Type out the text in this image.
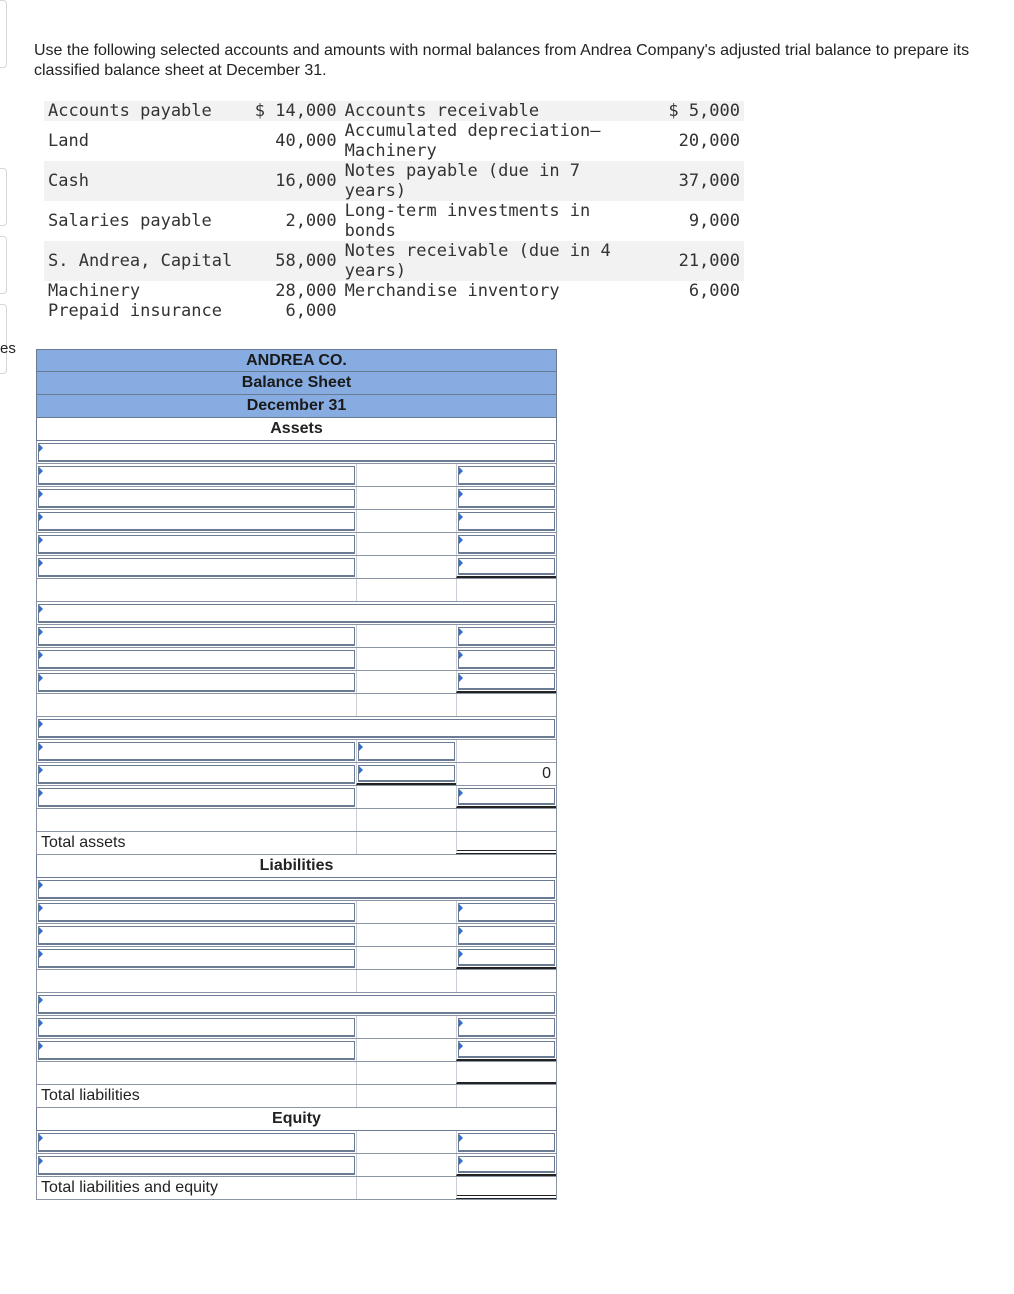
es
Use the following selected accounts and amounts with normal balances from Andrea Company's adjusted trial balance to prepare its classified balance sheet at December 31.
Accounts payable	$ 14,000	Accounts receivable	$ 5,000
Land	40,000	Accumulated depreciation—Machinery	20,000
Cash	16,000	Notes payable (due in 7 years)	37,000
Salaries payable	2,000	Long-term investments in bonds	9,000
S. Andrea, Capital	58,000	Notes receivable (due in 4 years)	21,000
Machinery	28,000	Merchandise inventory	6,000
Prepaid insurance	6,000		
ANDREA CO.
Balance Sheet
December 31
Assets
0
Total assets
Liabilities
Total liabilities
Equity
Total liabilities and equity
